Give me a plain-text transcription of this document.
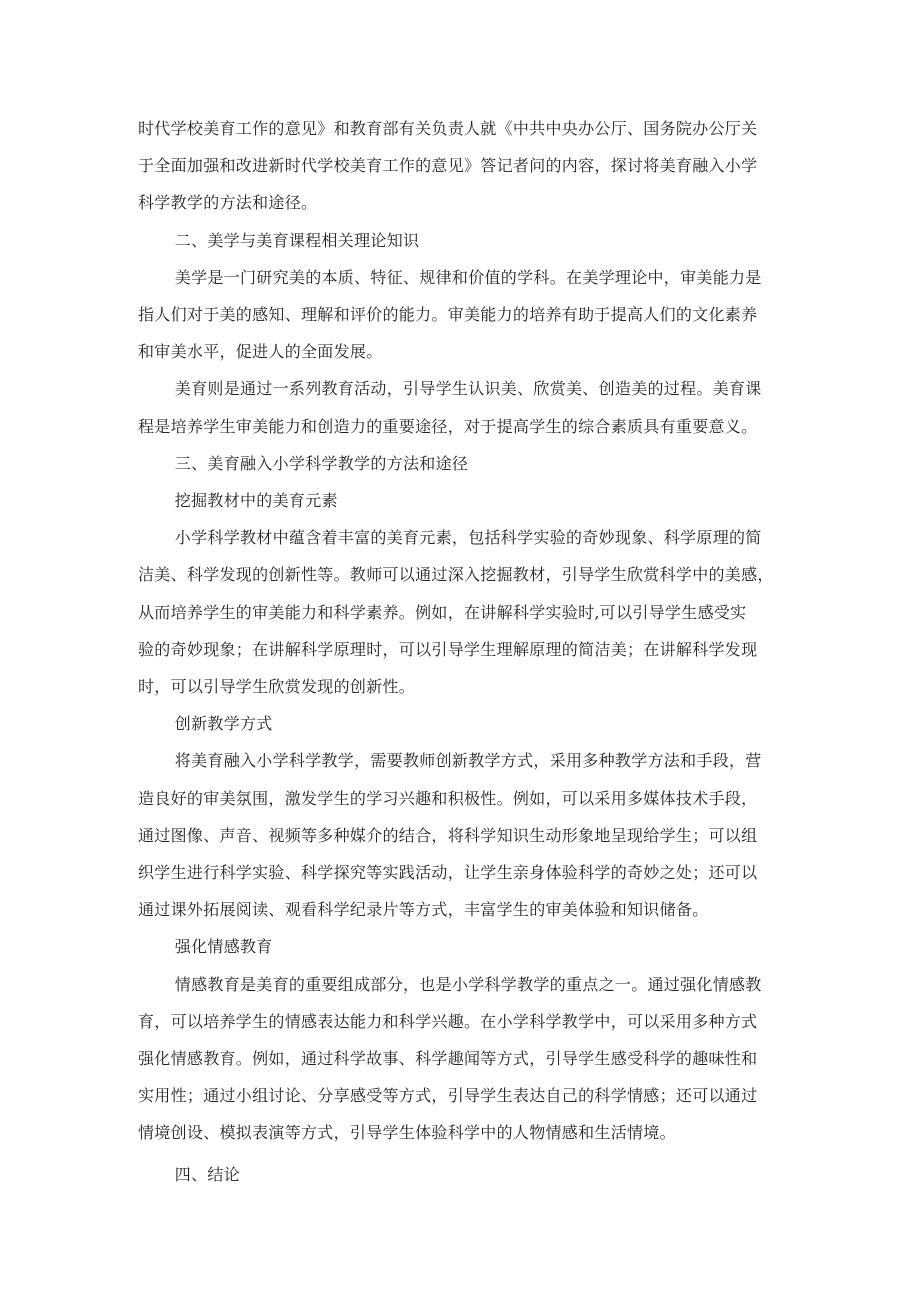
时代学校美育工作的意见》和教育部有关负责人就《中共中央办公厅、国务院办公厅关
于全面加强和改进新时代学校美育工作的意见》答记者问的内容，探讨将美育融入小学
科学教学的方法和途径。

二、美学与美育课程相关理论知识

美学是一门研究美的本质、特征、规律和价值的学科。在美学理论中，审美能力是
指人们对于美的感知、理解和评价的能力。审美能力的培养有助于提高人们的文化素养
和审美水平，促进人的全面发展。

美育则是通过一系列教育活动，引导学生认识美、欣赏美、创造美的过程。美育课
程是培养学生审美能力和创造力的重要途径，对于提高学生的综合素质具有重要意义。

三、美育融入小学科学教学的方法和途径

挖掘教材中的美育元素

小学科学教材中蕴含着丰富的美育元素，包括科学实验的奇妙现象、科学原理的简
洁美、科学发现的创新性等。教师可以通过深入挖掘教材，引导学生欣赏科学中的美感，
从而培养学生的审美能力和科学素养。例如，在讲解科学实验时,可以引导学生感受实
验的奇妙现象；在讲解科学原理时，可以引导学生理解原理的简洁美；在讲解科学发现
时，可以引导学生欣赏发现的创新性。

创新教学方式

将美育融入小学科学教学，需要教师创新教学方式，采用多种教学方法和手段，营
造良好的审美氛围，激发学生的学习兴趣和积极性。例如，可以采用多媒体技术手段，
通过图像、声音、视频等多种媒介的结合，将科学知识生动形象地呈现给学生；可以组
织学生进行科学实验、科学探究等实践活动，让学生亲身体验科学的奇妙之处；还可以
通过课外拓展阅读、观看科学纪录片等方式，丰富学生的审美体验和知识储备。

强化情感教育

情感教育是美育的重要组成部分，也是小学科学教学的重点之一。通过强化情感教
育，可以培养学生的情感表达能力和科学兴趣。在小学科学教学中，可以采用多种方式
强化情感教育。例如，通过科学故事、科学趣闻等方式，引导学生感受科学的趣味性和
实用性；通过小组讨论、分享感受等方式，引导学生表达自己的科学情感；还可以通过
情境创设、模拟表演等方式，引导学生体验科学中的人物情感和生活情境。

四、结论
